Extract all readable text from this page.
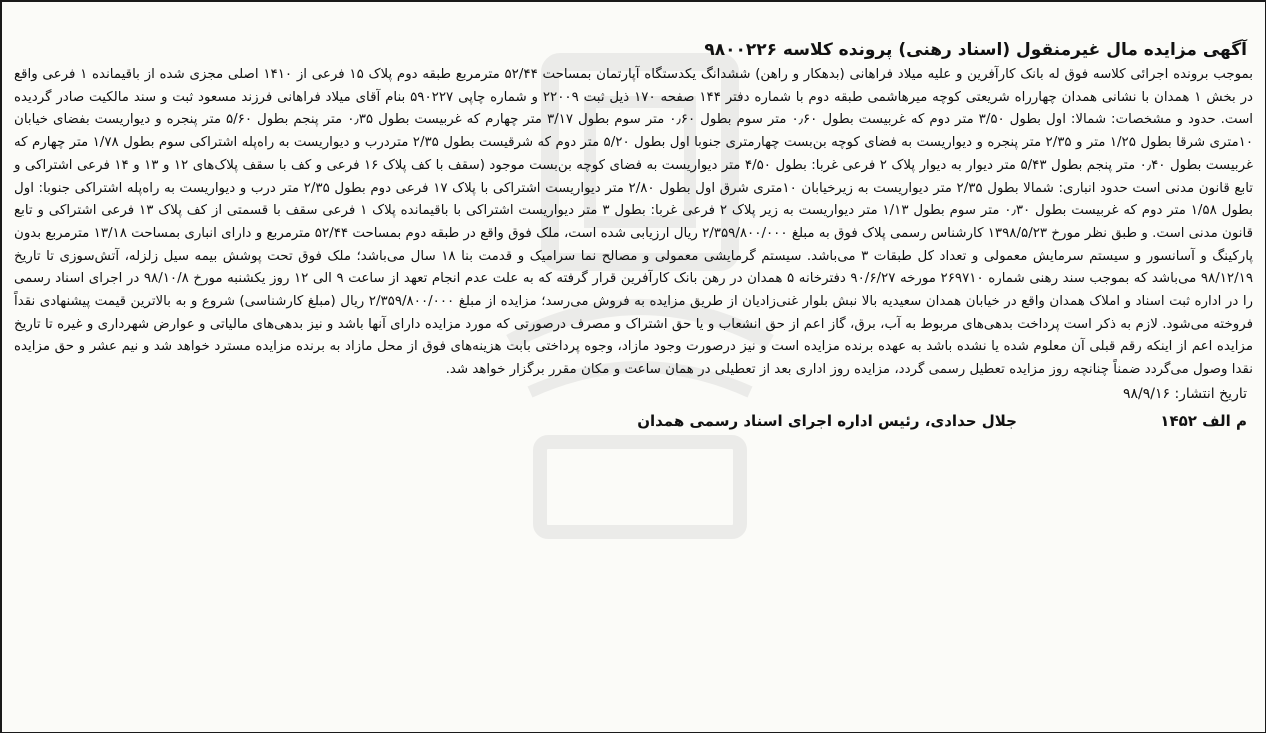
آگهی مزایده مال غیرمنقول (اسناد رهنی) پرونده کلاسه ۹۸۰۰۲۲۶

بموجب برونده اجرائی کلاسه فوق له بانک کارآفرین و علیه میلاد فراهانی (بدهکار و راهن) ششدانگ یکدستگاه آپارتمان بمساحت ۵۲/۴۴ مترمربع طبقه دوم پلاک ۱۵ فرعی از ۱۴۱۰ اصلی مجزی شده از باقیمانده ۱ فرعی واقع در بخش ۱ همدان با نشانی همدان چهارراه شریعتی کوچه میرهاشمی طبقه دوم با شماره دفتر ۱۴۴ صفحه ۱۷۰ ذیل ثبت ۲۲۰۰۹ و شماره چاپی ۵۹۰۲۲۷ بنام آقای میلاد فراهانی فرزند مسعود ثبت و سند مالکیت صادر گردیده است. حدود و مشخصات: شمالا: اول بطول ۳/۵۰ متر دوم که غربیست بطول ۰٫۶۰ متر سوم بطول ۰٫۶۰ متر سوم بطول ۳/۱۷ متر چهارم که غربیست بطول ۰٫۳۵ متر پنجم بطول ۵/۶۰ متر پنجره و دیواریست بفضای خیابان ۱۰متری شرقا بطول ۱/۲۵ متر و ۲/۳۵ متر پنجره و دیواریست به فضای کوچه بن‌بست چهارمتری جنوبا اول بطول ۵/۲۰ متر دوم که شرقیست بطول ۲/۳۵ متردرب و دیواریست به راه‌پله اشتراکی سوم بطول ۱/۷۸ متر چهارم که غربیست بطول ۰٫۴۰ متر پنجم بطول ۵/۴۳ متر دیوار به دیوار پلاک ۲ فرعی غربا: بطول ۴/۵۰ متر دیواریست به فضای کوچه بن‌بست موجود (سقف با کف پلاک ۱۶ فرعی و کف با سقف پلاک‌های ۱۲ و ۱۳ و ۱۴ فرعی اشتراکی و تابع قانون مدنی است حدود انباری: شمالا بطول ۲/۳۵ متر دیواریست به زیرخیابان ۱۰متری شرق اول بطول ۲/۸۰ متر دیواریست اشتراکی با پلاک ۱۷ فرعی دوم بطول ۲/۳۵ متر درب و دیواریست به راه‌پله اشتراکی جنوبا: اول بطول ۱/۵۸ متر دوم که غربیست بطول ۰٫۳۰ متر سوم بطول ۱/۱۳ متر دیواریست به زیر پلاک ۲ فرعی غربا: بطول ۳ متر دیواریست اشتراکی با باقیمانده پلاک ۱ فرعی سقف با قسمتی از کف پلاک ۱۳ فرعی اشتراکی و تابع قانون مدنی است. و طبق نظر مورخ ۱۳۹۸/۵/۲۳ کارشناس رسمی پلاک فوق به مبلغ ۲/۳۵۹/۸۰۰/۰۰۰ ریال ارزیابی شده است، ملک فوق واقع در طبقه دوم بمساحت ۵۲/۴۴ مترمربع و دارای انباری بمساحت ۱۳/۱۸ مترمربع بدون پارکینگ و آسانسور و سیستم سرمایش معمولی و تعداد کل طبقات ۳ می‌باشد. سیستم گرمایشی معمولی و مصالح نما سرامیک و قدمت بنا ۱۸ سال می‌باشد؛ ملک فوق تحت پوشش بیمه سیل زلزله، آتش‌سوزی تا تاریخ ۹۸/۱۲/۱۹ می‌باشد که بموجب سند رهنی شماره ۲۶۹۷۱۰ مورخه ۹۰/۶/۲۷ دفترخانه ۵ همدان در رهن بانک کارآفرین قرار گرفته که به علت عدم انجام تعهد از ساعت ۹ الی ۱۲ روز یکشنبه مورخ ۹۸/۱۰/۸ در اجرای اسناد رسمی را در اداره ثبت اسناد و املاک همدان واقع در خیابان همدان سعیدیه بالا نبش بلوار غنی‌زادیان از طریق مزایده به فروش می‌رسد؛ مزایده از مبلغ ۲/۳۵۹/۸۰۰/۰۰۰ ریال (مبلغ کارشناسی) شروع و به بالاترین قیمت پیشنهادی نقداً فروخته می‌شود. لازم به ذکر است پرداخت بدهی‌های مربوط به آب، برق، گاز اعم از حق انشعاب و یا حق اشتراک و مصرف درصورتی که مورد مزایده دارای آنها باشد و نیز بدهی‌های مالیاتی و عوارض شهرداری و غیره تا تاریخ مزایده اعم از اینکه رقم قبلی آن معلوم شده یا نشده باشد به عهده برنده مزایده است و نیز درصورت وجود مازاد، وجوه پرداختی بابت هزینه‌های فوق از محل مازاد به برنده مزایده مسترد خواهد شد و نیم عشر و حق مزایده نقدا وصول می‌گردد ضمناً چنانچه روز مزایده تعطیل رسمی گردد، مزایده روز اداری بعد از تعطیلی در همان ساعت و مکان مقرر برگزار خواهد شد.

تاریخ انتشار: ۹۸/۹/۱۶

م الف ۱۴۵۲
جلال حدادی، رئیس اداره اجرای اسناد رسمی همدان
